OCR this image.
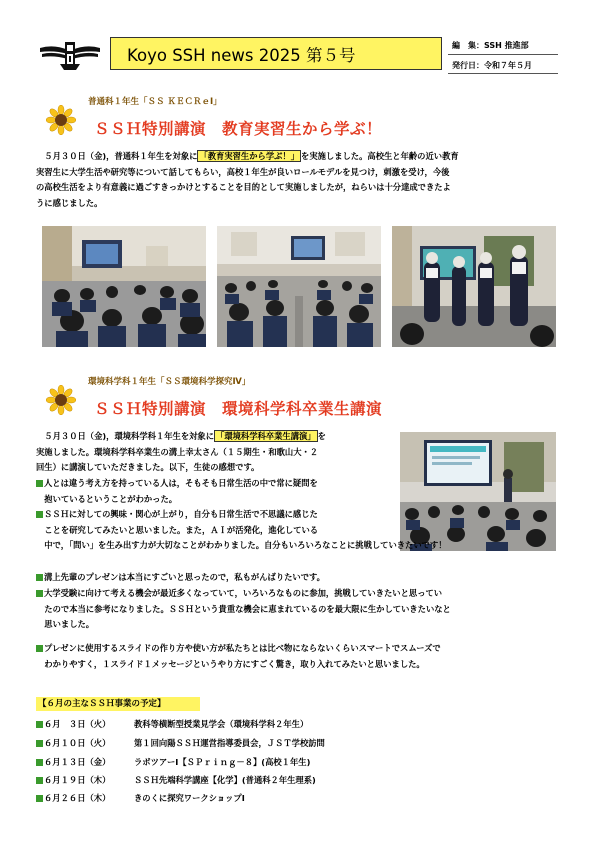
Koyo SSH news 2025 第５号	編　集：SSH 推進部
発行日：令和７年５月
普通科１年生「ＳＳ ＫＥＣＲｅⅠ」
ＳＳＨ特別講演　教育実習生から学ぶ！
　５月３０日（金)，普通科１年生を対象に 「教育実習生から学ぶ！」 を実施しました。高校生と年齢の近い教育
実習生に大学生活や研究等について話してもらい，高校１年生が良いロールモデルを見つけ，刺激を受け，今後
の高校生活をより有意義に過ごすきっかけとすることを目的として実施しましたが，ねらいは十分達成できたよ
うに感じました。
環境科学科１年生「ＳＳ環境科学探究Ⅳ」
ＳＳＨ特別講演　環境科学科卒業生講演
　５月３０日（金)，環境科学科１年生を対象に 「環境科学科卒業生講演」 を
実施しました。環境科学科卒業生の溝上幸太さん（１５期生・和歌山大・２
回生）に講演していただきました。以下，生徒の感想です。
人とは違う考え方を持っている人は，そもそも日常生活の中で常に疑問を
　抱いているということがわかった。
ＳＳＨに対しての興味・関心が上がり，自分も日常生活で不思議に感じた
　ことを研究してみたいと思いました。また，ＡＩが活発化，進化している
　中で，「問い」を生み出す力が大切なことがわかりました。自分もいろいろなことに挑戦していきたいです！
溝上先輩のプレゼンは本当にすごいと思ったので，私もがんばりたいです。
大学受験に向けて考える機会が最近多くなっていて，いろいろなものに参加，挑戦していきたいと思ってい
　たので本当に参考になりました。ＳＳＨという貴重な機会に恵まれているのを最大限に生かしていきたいなと
　思いました。
プレゼンに使用するスライドの作り方や使い方が私たちとは比べ物にならないくらいスマートでスムーズで
　わかりやすく，１スライド１メッセージというやり方にすごく驚き，取り入れてみたいと思いました。
【６月の主なＳＳＨ事業の予定】
６月　３日（火）	教科等横断型授業見学会（環境科学科２年生）
６月１０日（火）	第１回向陽ＳＳＨ運営指導委員会，ＪＳＴ学校訪問
６月１３日（金）	ラボツアーⅠ【ＳＰｒｉｎｇ－８】(高校１年生)
６月１９日（木）	ＳＳＨ先端科学講座【化学】(普通科２年生理系)
６月２６日（木）	きのくに探究ワークショップⅠ
